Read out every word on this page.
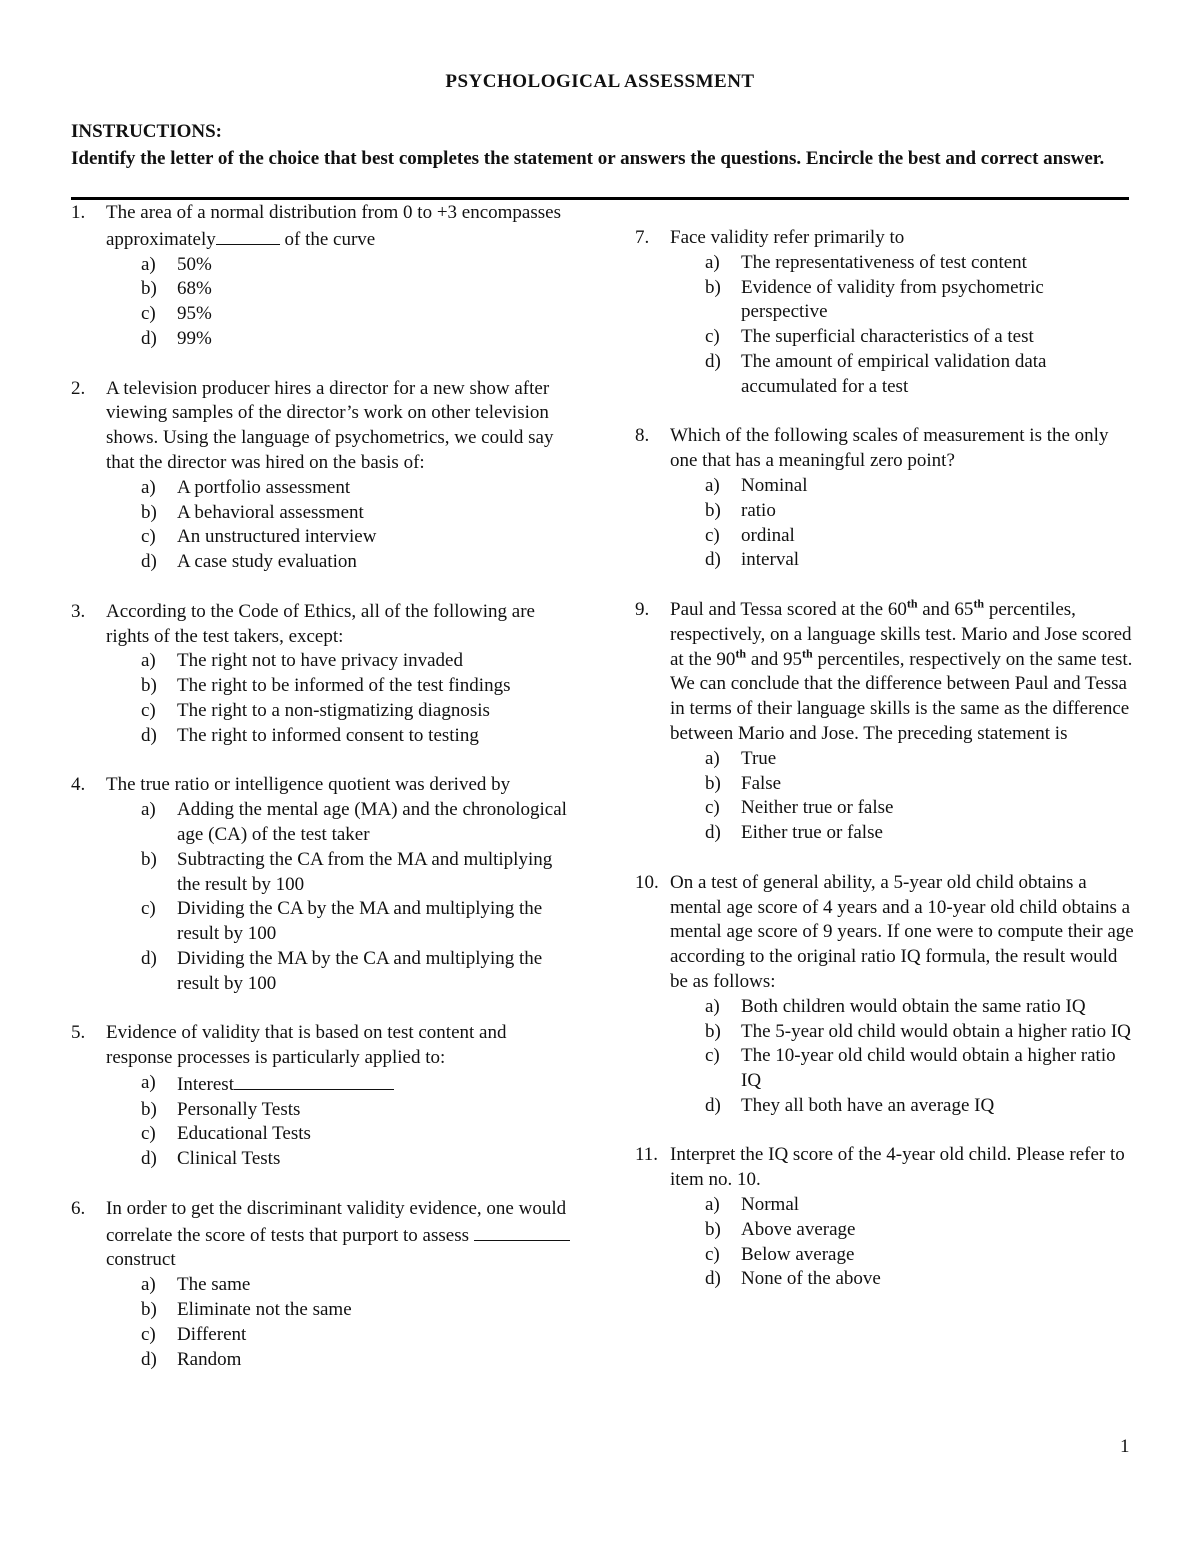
PSYCHOLOGICAL ASSESSMENT
INSTRUCTIONS:
Identify the letter of the choice that best completes the statement or answers the questions. Encircle the best and correct answer.
1. The area of a normal distribution from 0 to +3 encompasses approximately	of the curve
a) 50%
b) 68%
c) 95%
d) 99%
2. A television producer hires a director for a new show after viewing samples of the director’s work on other television shows. Using the language of psychometrics, we could say that the director was hired on the basis of:
a) A portfolio assessment
b) A behavioral assessment
c) An unstructured interview
d) A case study evaluation
3. According to the Code of Ethics, all of the following are rights of the test takers, except:
a) The right not to have privacy invaded
b) The right to be informed of the test findings
c) The right to a non-stigmatizing diagnosis
d) The right to informed consent to testing
4. The true ratio or intelligence quotient was derived by
a) Adding the mental age (MA) and the chronological age (CA) of the test taker
b) Subtracting the CA from the MA and multiplying the result by 100
c) Dividing the CA by the MA and multiplying the result by 100
d) Dividing the MA by the CA and multiplying the result by 100
5. Evidence of validity that is based on test content and response processes is particularly applied to:
a) Interest
b) Personally Tests
c) Educational Tests
d) Clinical Tests
6. In order to get the discriminant validity evidence, one would correlate the score of tests that purport to assess construct
a) The same
b) Eliminate not the same
c) Different
d) Random
7. Face validity refer primarily to
a) The representativeness of test content
b) Evidence of validity from psychometric perspective
c) The superficial characteristics of a test
d) The amount of empirical validation data accumulated for a test
8. Which of the following scales of measurement is the only one that has a meaningful zero point?
a) Nominal
b) ratio
c) ordinal
d) interval
9. Paul and Tessa scored at the 60th and 65th percentiles, respectively, on a language skills test. Mario and Jose scored at the 90th and 95th percentiles, respectively on the same test. We can conclude that the difference between Paul and Tessa in terms of their language skills is the same as the difference between Mario and Jose. The preceding statement is
a) True
b) False
c) Neither true or false
d) Either true or false
10. On a test of general ability, a 5-year old child obtains a mental age score of 4 years and a 10-year old child obtains a mental age score of 9 years. If one were to compute their age according to the original ratio IQ formula, the result would be as follows:
a) Both children would obtain the same ratio IQ
b) The 5-year old child would obtain a higher ratio IQ
c) The 10-year old child would obtain a higher ratio IQ
d) They all both have an average IQ
11. Interpret the IQ score of the 4-year old child. Please refer to item no. 10.
a) Normal
b) Above average
c) Below average
d) None of the above
1
